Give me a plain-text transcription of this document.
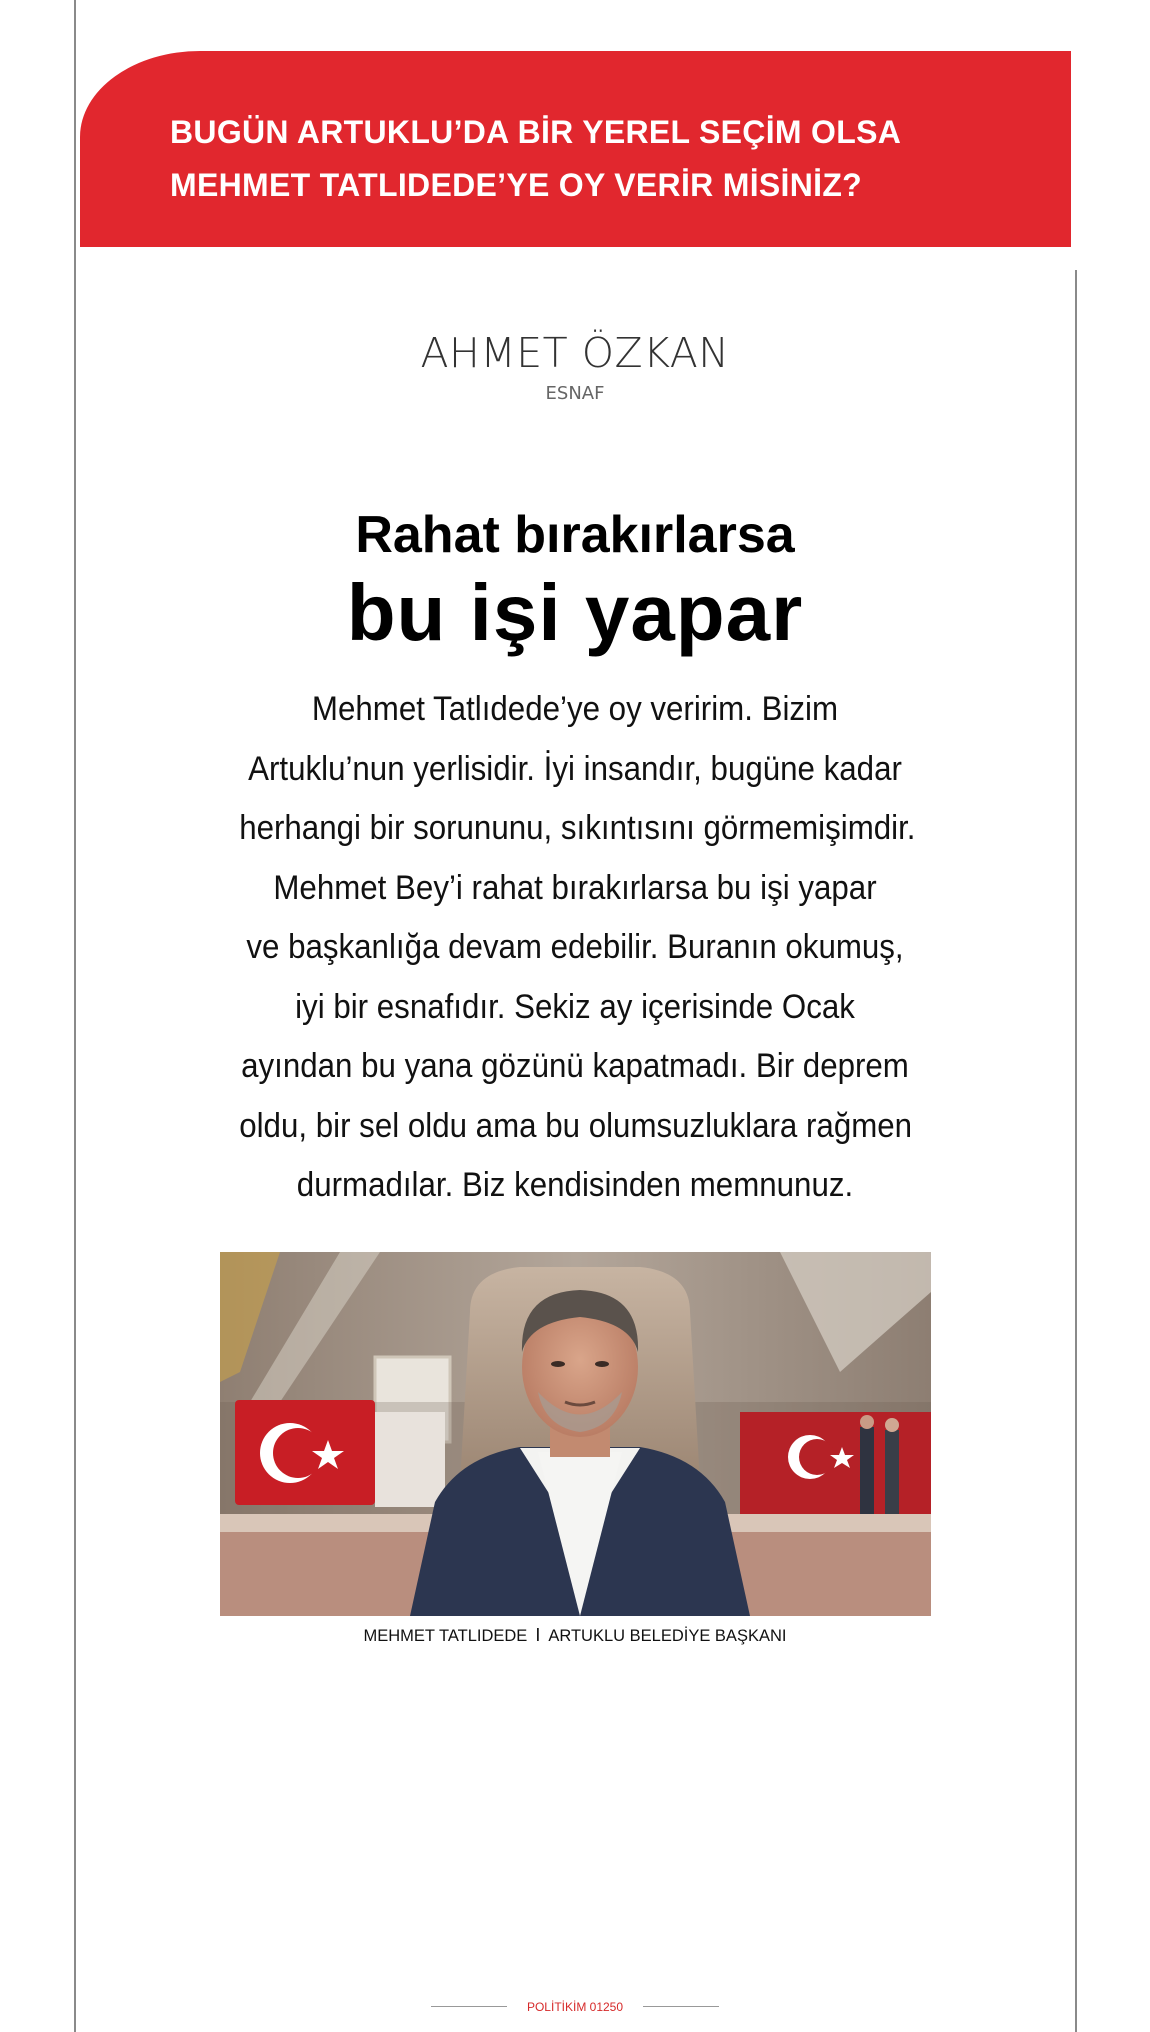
BUGÜN ARTUKLU’DA BİR YEREL SEÇİM OLSA
MEHMET TATLIDEDE’YE OY VERİR MİSİNİZ?
AHMET ÖZKAN
ESNAF
Rahat bırakırlarsa
bu işi yapar
Mehmet Tatlıdede’ye oy veririm. Bizim
Artuklu’nun yerlisidir. İyi insandır, bugüne kadar
herhangi bir sorununu, sıkıntısını görmemişimdir.
Mehmet Bey’i rahat bırakırlarsa bu işi yapar
ve başkanlığa devam edebilir. Buranın okumuş,
iyi bir esnafıdır. Sekiz ay içerisinde Ocak
ayından bu yana gözünü kapatmadı. Bir deprem
oldu, bir sel oldu ama bu olumsuzluklara rağmen
durmadılar. Biz kendisinden memnunuz.
MEHMET TATLIDEDE I ARTUKLU BELEDİYE BAŞKANI
POLİTİKİM 01250
